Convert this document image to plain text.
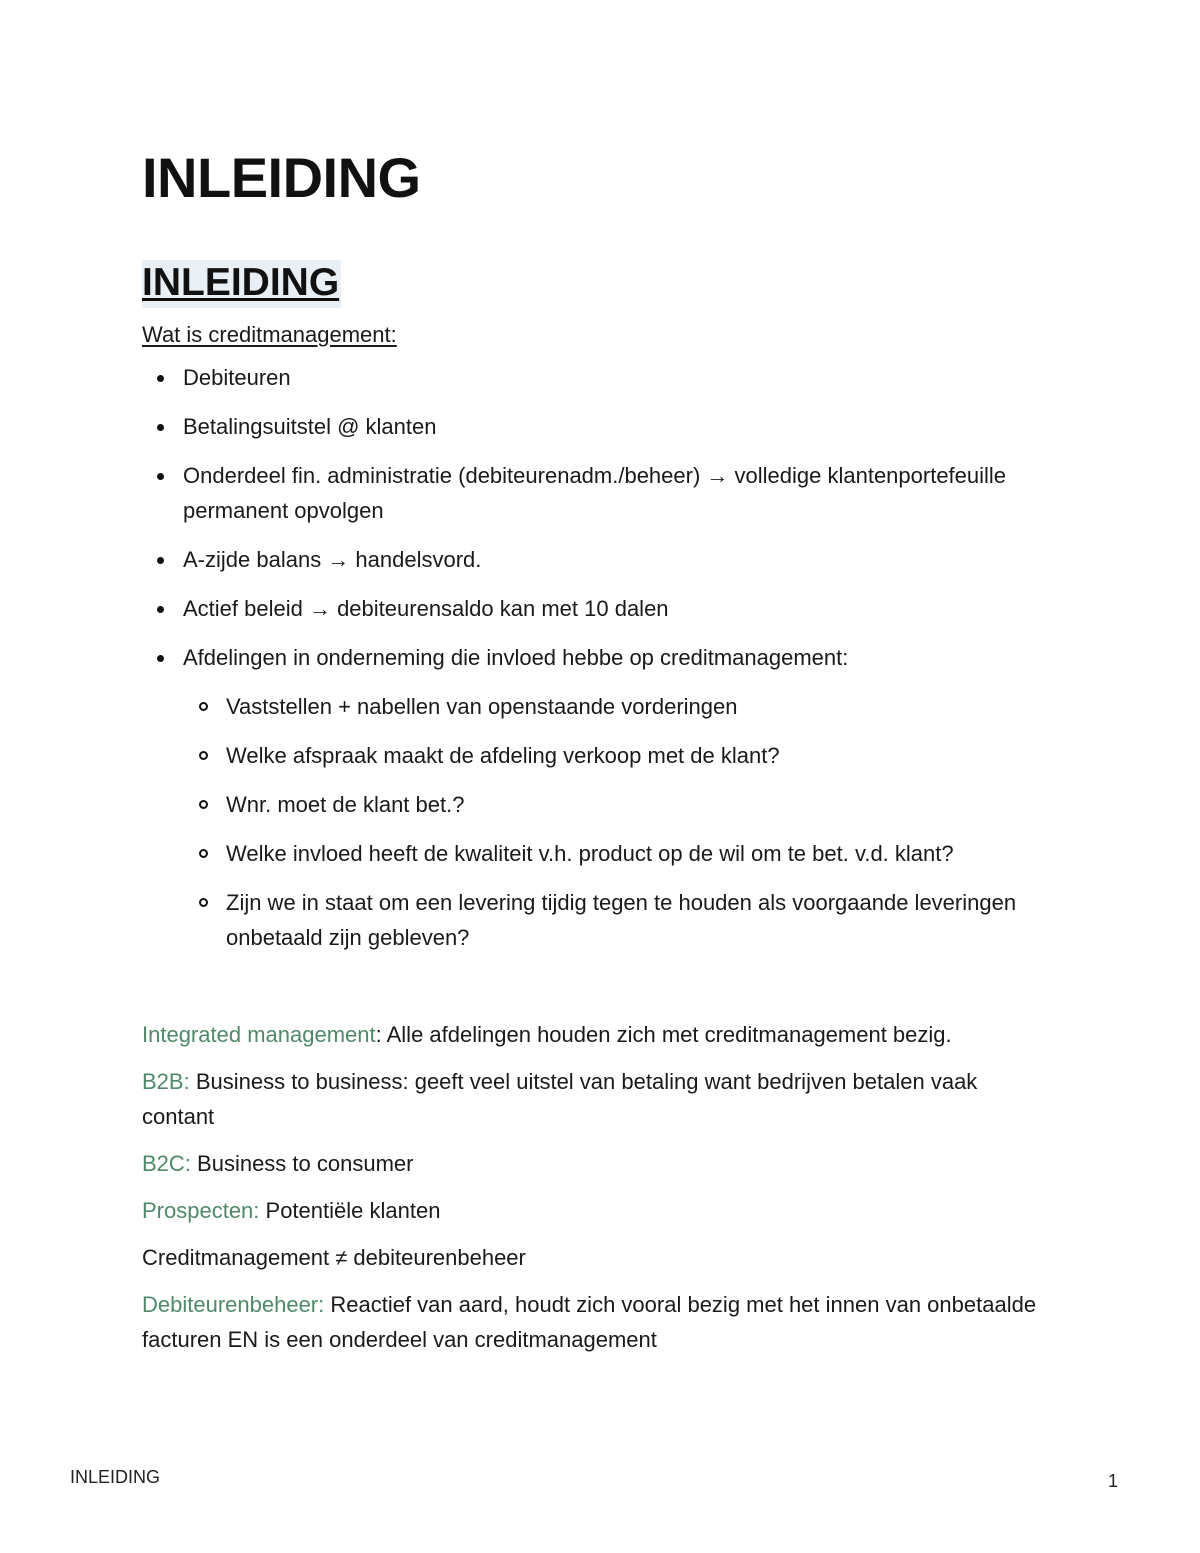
INLEIDING
INLEIDING
Wat is creditmanagement:
Debiteuren
Betalingsuitstel @ klanten
Onderdeel fin. administratie (debiteurenadm./beheer) → volledige klantenportefeuille permanent opvolgen
A-zijde balans → handelsvord.
Actief beleid → debiteurensaldo kan met 10 dalen
Afdelingen in onderneming die invloed hebbe op creditmanagement:
Vaststellen + nabellen van openstaande vorderingen
Welke afspraak maakt de afdeling verkoop met de klant?
Wnr. moet de klant bet.?
Welke invloed heeft de kwaliteit v.h. product op de wil om te bet. v.d. klant?
Zijn we in staat om een levering tijdig tegen te houden als voorgaande leveringen onbetaald zijn gebleven?
Integrated management: Alle afdelingen houden zich met creditmanagement bezig.
B2B: Business to business: geeft veel uitstel van betaling want bedrijven betalen vaak contant
B2C: Business to consumer
Prospecten: Potentiële klanten
Creditmanagement ≠ debiteurenbeheer
Debiteurenbeheer: Reactief van aard, houdt zich vooral bezig met het innen van onbetaalde facturen EN is een onderdeel van creditmanagement
INLEIDING	1
